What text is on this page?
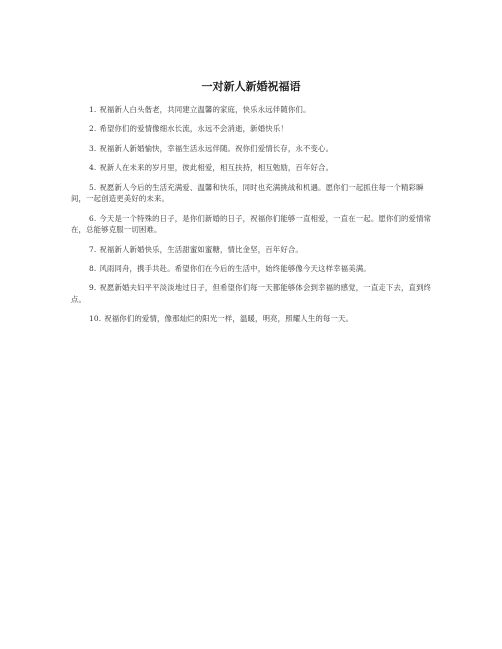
一对新人新婚祝福语
1. 祝福新人白头偕老，共同建立温馨的家庭，快乐永远伴随你们。
2. 希望你们的爱情像细水长流，永远不会消逝，新婚快乐！
3. 祝福新人新婚愉快，幸福生活永远伴随。祝你们爱情长存，永不变心。
4. 祝新人在未来的岁月里，彼此相爱，相互扶持，相互勉励，百年好合。
5. 祝愿新人今后的生活充满爱、温馨和快乐，同时也充满挑战和机遇。愿你们一起抓住每一个精彩瞬间，一起创造更美好的未来。
6. 今天是一个特殊的日子，是你们新婚的日子，祝福你们能够一直相爱，一直在一起。愿你们的爱情常在，总能够克服一切困难。
7. 祝福新人新婚快乐，生活甜蜜如蜜糖，情比金坚，百年好合。
8. 风雨同舟，携手共赴。希望你们在今后的生活中，始终能够像今天这样幸福美满。
9. 祝愿新婚夫妇平平淡淡地过日子，但希望你们每一天都能够体会到幸福的感觉，一直走下去，直到终点。
10. 祝福你们的爱情，像那灿烂的阳光一样，温暖，明亮，照耀人生的每一天。
